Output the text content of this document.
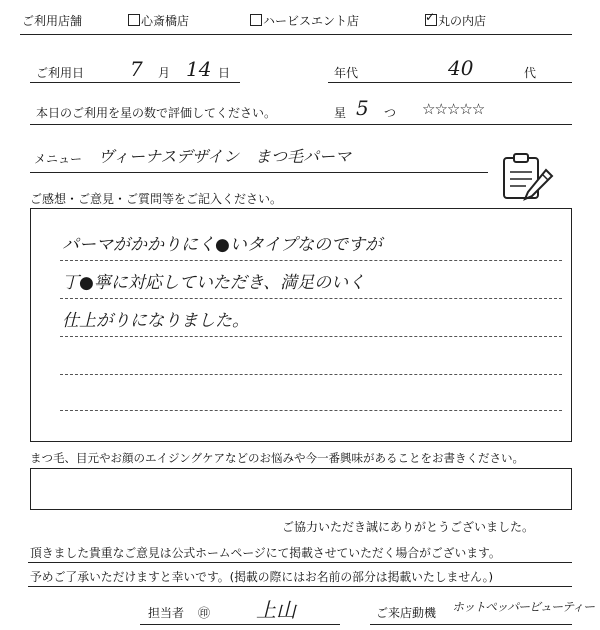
ご利用店舗	心斎橋店	ハービスエント店
✓	丸の内店
ご利用日 7 月 14 日	年代	40	代
本日のご利用を星の数で評価してください。	星 5 つ ☆☆☆☆☆
メニュー ヴィーナスデザイン　まつ毛パーマ
ご感想・ご意見・ご質問等をご記入ください。
パーマがかかりにく●いタイプなのですが
丁●寧に対応していただき、満足のいく
仕上がりになりました。
まつ毛、目元やお顔のエイジングケアなどのお悩みや今一番興味があることをお書きください。
ご協力いただき誠にありがとうございました。
頂きました貴重なご意見は公式ホームページにて掲載させていただく場合がございます。
予めご了承いただけますと幸いです。(掲載の際にはお名前の部分は掲載いたしません。)
担当者 ㊞ 上山	ご来店動機 ホットペッパービューティー
